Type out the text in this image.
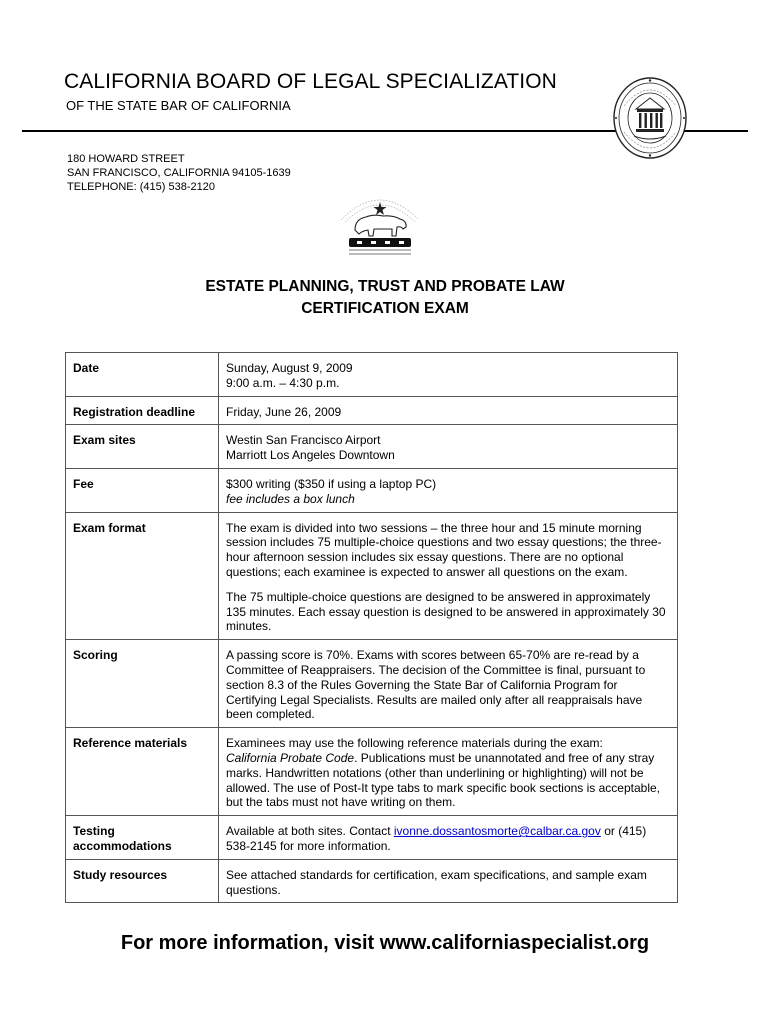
CALIFORNIA BOARD OF LEGAL SPECIALIZATION
OF THE STATE BAR OF CALIFORNIA
180 HOWARD STREET
SAN FRANCISCO, CALIFORNIA 94105-1639
TELEPHONE: (415) 538-2120
ESTATE PLANNING, TRUST AND PROBATE LAW
CERTIFICATION EXAM
Date	Sunday, August 9, 2009
9:00 a.m. – 4:30 p.m.

Registration deadline	Friday, June 26, 2009
Exam sites	Westin San Francisco Airport
Marriott Los Angeles Downtown

Fee	$300 writing ($350 if using a laptop PC)
fee includes a box lunch

Exam format	The exam is divided into two sessions – the three hour and 15 minute morning session includes 75 multiple-choice questions and two essay questions; the three-hour afternoon session includes six essay questions. There are no optional questions; each examinee is expected to answer all questions on the exam.

The 75 multiple-choice questions are designed to be answered in approximately 135 minutes. Each essay question is designed to be answered in approximately 30 minutes.

Scoring	A passing score is 70%. Exams with scores between 65-70% are re-read by a Committee of Reappraisers. The decision of the Committee is final, pursuant to section 8.3 of the Rules Governing the State Bar of California Program for Certifying Legal Specialists. Results are mailed only after all reappraisals have been completed.
Reference materials	Examinees may use the following reference materials during the exam:
California Probate Code. Publications must be unannotated and free of any stray marks. Handwritten notations (other than underlining or highlighting) will not be allowed. The use of Post-It type tabs to mark specific book sections is acceptable, but the tabs must not have writing on them.

Testing
accommodations	Available at both sites. Contact ivonne.dossantosmorte@calbar.ca.gov or (415) 538-2145 for more information.
Study resources	See attached standards for certification, exam specifications, and sample exam questions.
For more information, visit www.californiaspecialist.org
